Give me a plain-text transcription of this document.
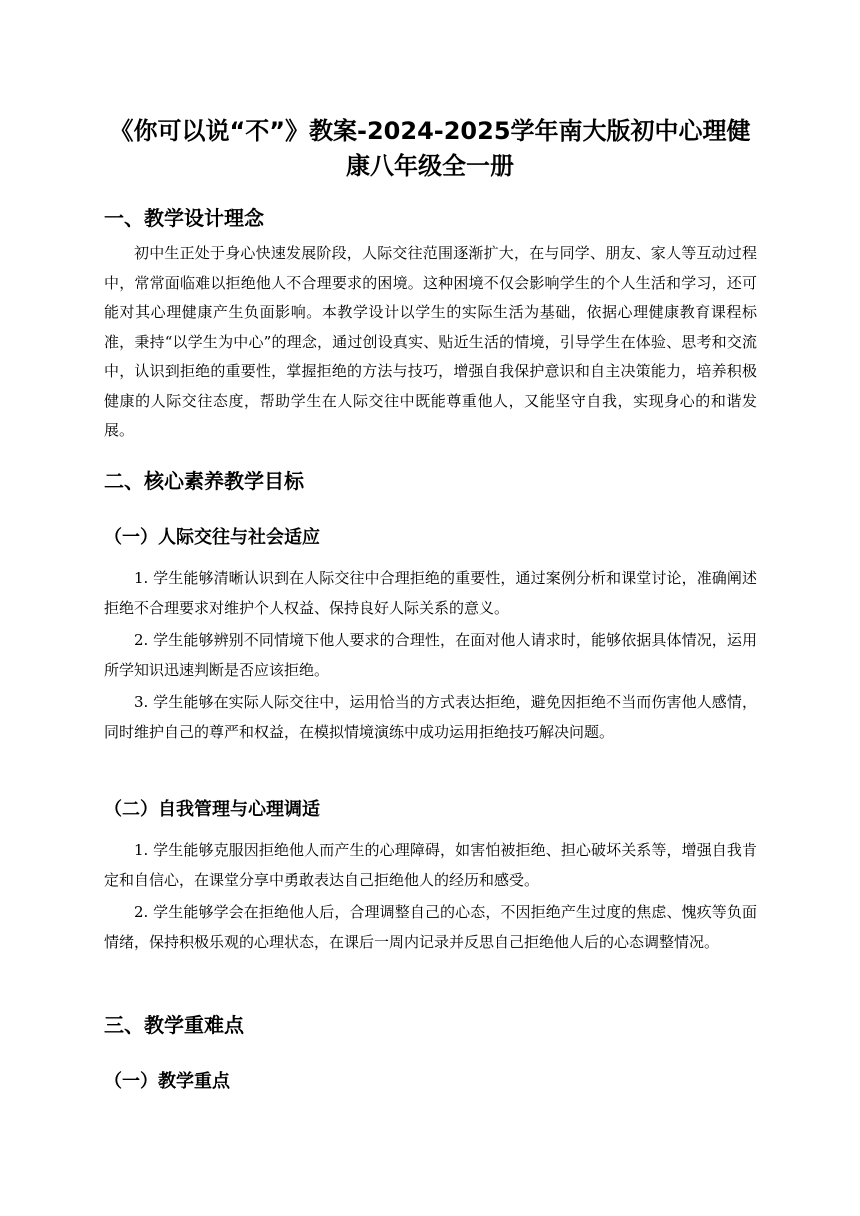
《你可以说“不”》教案-2024-2025学年南大版初中心理健康八年级全一册
一、教学设计理念

初中生正处于身心快速发展阶段，人际交往范围逐渐扩大，在与同学、朋友、家人等互动过程中，常常面临难以拒绝他人不合理要求的困境。这种困境不仅会影响学生的个人生活和学习，还可能对其心理健康产生负面影响。本教学设计以学生的实际生活为基础，依据心理健康教育课程标准，秉持“以学生为中心”的理念，通过创设真实、贴近生活的情境，引导学生在体验、思考和交流中，认识到拒绝的重要性，掌握拒绝的方法与技巧，增强自我保护意识和自主决策能力，培养积极健康的人际交往态度，帮助学生在人际交往中既能尊重他人，又能坚守自我，实现身心的和谐发展。

二、核心素养教学目标
（一）人际交往与社会适应

1. 学生能够清晰认识到在人际交往中合理拒绝的重要性，通过案例分析和课堂讨论，准确阐述拒绝不合理要求对维护个人权益、保持良好人际关系的意义。

2. 学生能够辨别不同情境下他人要求的合理性，在面对他人请求时，能够依据具体情况，运用所学知识迅速判断是否应该拒绝。

3. 学生能够在实际人际交往中，运用恰当的方式表达拒绝，避免因拒绝不当而伤害他人感情，同时维护自己的尊严和权益，在模拟情境演练中成功运用拒绝技巧解决问题。

（二）自我管理与心理调适

1. 学生能够克服因拒绝他人而产生的心理障碍，如害怕被拒绝、担心破坏关系等，增强自我肯定和自信心，在课堂分享中勇敢表达自己拒绝他人的经历和感受。

2. 学生能够学会在拒绝他人后，合理调整自己的心态，不因拒绝产生过度的焦虑、愧疚等负面情绪，保持积极乐观的心理状态，在课后一周内记录并反思自己拒绝他人后的心态调整情况。

三、教学重难点
（一）教学重点
